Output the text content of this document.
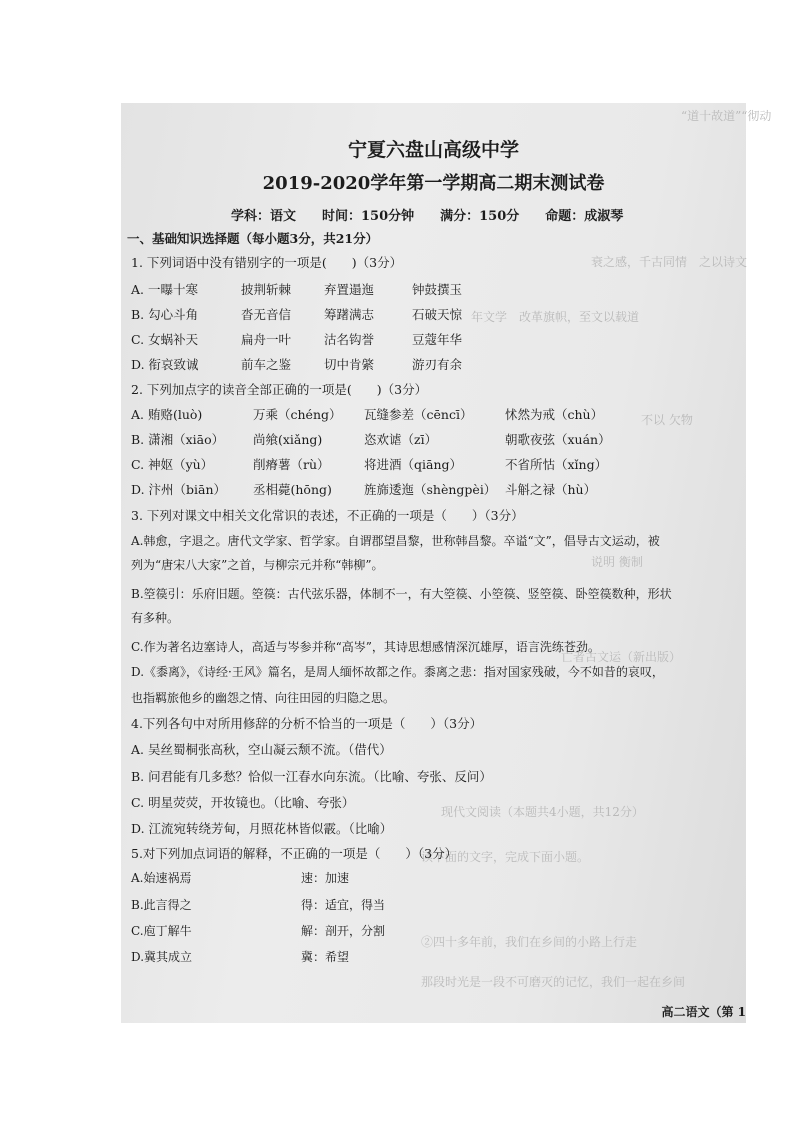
“道十故道”“彻动
衰之感，千古同情　之以诗文
年文学　改革旗帜，至文以载道
不以 欠物
说明 衡制
亡者古文运（新出版）
现代文阅读（本题共4小题，共12分）
读下面的文字，完成下面小题。
②四十多年前，我们在乡间的小路上行走
那段时光是一段不可磨灭的记忆，我们一起在乡间
宁夏六盘山高级中学
2019-2020学年第一学期高二期末测试卷
学科：语文　　时间：150分钟　　满分：150分　　命题：成淑琴
一、基础知识选择题（每小题3分，共21分）
1. 下列词语中没有错别字的一项是(　　)（3分）
A. 一曝十寒	披荆斩棘	弃置遢迤	钟鼓撰玉
B. 勾心斗角	沓无音信	筹躇满志	石破天惊
C. 女蜗补天	扁舟一叶	沽名钩誉	豆蔻年华
D. 衔哀致诚	前车之鉴	切中肯綮	游刃有余
2. 下列加点字的读音全部正确的一项是(　　)（3分）
A. 贿赂(luò)	万乘（chéng） 瓦缝参差（cēncī）	怵然为戒（chù）
B. 潇湘（xiāo） 尚飨(xiǎng)	恣欢谑（zī）	朝歌夜弦（xuán）
C. 神妪（yù）	削瘠薯（rù）	将进酒（qiāng）	不省所怙（xǐng）
D. 汴州（biān） 丞相薨(hōng)	旌旆逶迤（shèngpèi） 斗斛之禄（hù）
3. 下列对课文中相关文化常识的表述，不正确的一项是（　　）（3分）
A.韩愈，字退之。唐代文学家、哲学家。自谓郡望昌黎，世称韩昌黎。卒谥“文”，倡导古文运动，被
列为“唐宋八大家”之首，与柳宗元并称“韩柳”。
B.箜篌引：乐府旧题。箜篌：古代弦乐器，体制不一，有大箜篌、小箜篌、竖箜篌、卧箜篌数种，形状
有多种。
C.作为著名边塞诗人，高适与岑参并称“高岑”，其诗思想感情深沉雄厚，语言洗练苍劲。
D.《黍离》，《诗经·王风》篇名，是周人缅怀故都之作。黍离之悲：指对国家残破，今不如昔的哀叹，
也指羁旅他乡的幽怨之情、向往田园的归隐之思。
4.下列各句中对所用修辞的分析不恰当的一项是（　　）（3分）
A. 吴丝蜀桐张高秋，空山凝云颓不流。（借代）
B. 问君能有几多愁？恰似一江春水向东流。（比喻、夸张、反问）
C. 明星荧荧，开妆镜也。（比喻、夸张）
D. 江流宛转绕芳甸，月照花林皆似霰。（比喻）
5.对下列加点词语的解释，不正确的一项是（　　）（3分）
A.始速祸焉	速：加速
B.此言得之	得：适宜，得当
C.庖丁解牛	解：剖开，分割
D.冀其成立	冀：希望
高二语文（第 1
